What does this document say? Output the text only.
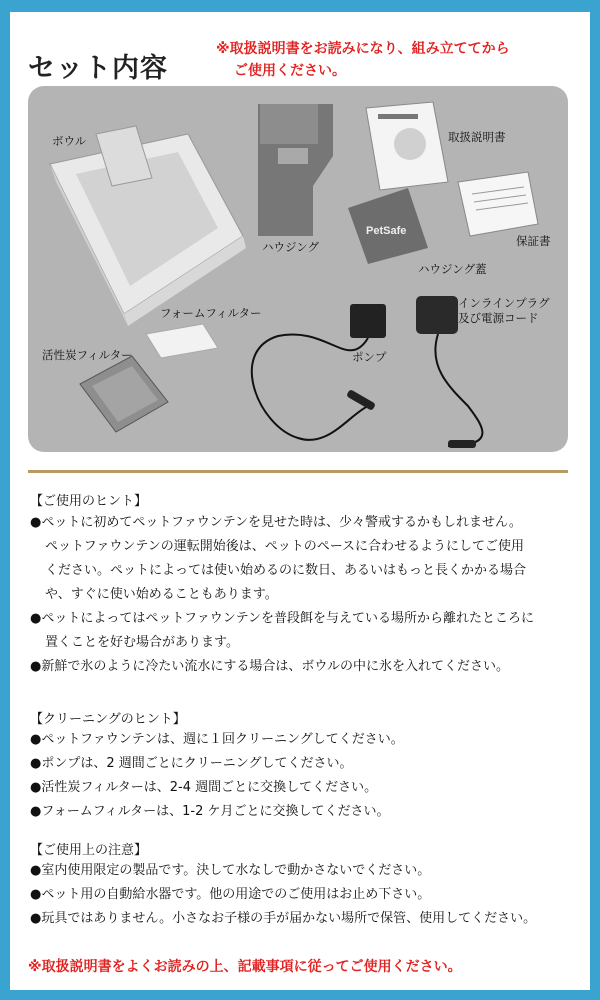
セット内容
※取扱説明書をお読みになり、組み立ててから
ご使用ください。
PetSafe
ボウル
ハウジング
取扱説明書
保証書
ハウジング蓋
フォームフィルター
インラインプラグ
及び電源コード
ポンプ
活性炭フィルター
【ご使用のヒント】
●ペットに初めてペットファウンテンを見せた時は、少々警戒するかもしれません。
ペットファウンテンの運転開始後は、ペットのペースに合わせるようにしてご使用
ください。ペットによっては使い始めるのに数日、あるいはもっと長くかかる場合
や、すぐに使い始めることもあります。
●ペットによってはペットファウンテンを普段餌を与えている場所から離れたところに
置くことを好む場合があります。
●新鮮で氷のように冷たい流水にする場合は、ボウルの中に氷を入れてください。
【クリーニングのヒント】
●ペットファウンテンは、週に１回クリーニングしてください。
●ポンプは、2 週間ごとにクリーニングしてください。
●活性炭フィルターは、2-4 週間ごとに交換してください。
●フォームフィルターは、1-2 ケ月ごとに交換してください。
【ご使用上の注意】
●室内使用限定の製品です。決して水なしで動かさないでください。
●ペット用の自動給水器です。他の用途でのご使用はお止め下さい。
●玩具ではありません。小さなお子様の手が届かない場所で保管、使用してください。
※取扱説明書をよくお読みの上、記載事項に従ってご使用ください。
